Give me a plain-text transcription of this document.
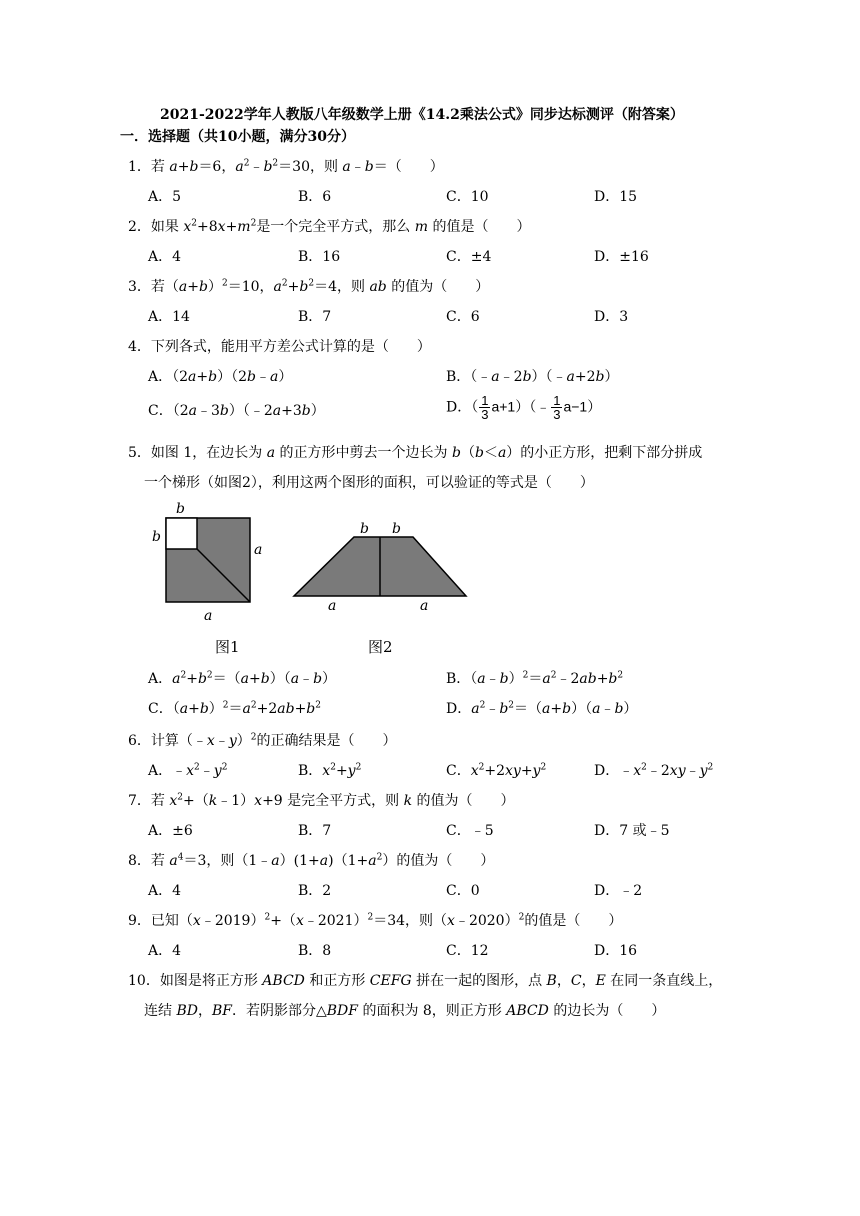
2021-2022学年人教版八年级数学上册《14.2乘法公式》同步达标测评（附答案）
一．选择题（共10小题，满分30分）
1．若 a+b＝6，$a^2﹣b^2=30$，则 a﹣b＝（　　）
A．5	B．6	C．10	D．15
2．如果 $x^2+8x+m^2$是一个完全平方式，那么 m 的值是（　　）
A．4	B．16	C．±4	D．±16
3．若$(a+b)^2=10$，$a^2+b^2=4$，则 ab 的值为（　　）
A．14	B．7	C．6	D．3
4．下列各式，能用平方差公式计算的是（　　）
A．（2a+b）（2b﹣a）	B．（﹣a﹣2b）（﹣a+2b）
C．（2a﹣3b）（﹣2a+3b）	D．（ $\frac{1}{3}$ a+1）（﹣ $\frac{1}{3} a-1$）
5．如图 1，在边长为 a 的正方形中剪去一个边长为 b（b＜a）的小正方形，把剩下部分拼成
一个梯形（如图2），利用这两个图形的面积，可以验证的等式是（　　）
b
b
a
a
图1
b b
a	a
图2
A．$a^2+b^2=(a+b)(a﹣b)$	B．$(a﹣b)^2=a^2﹣2ab+b^2$
C．$(a+b)^2=a^2+2ab+b^2$	D．$a^2﹣b^2=(a+b)(a﹣b)$
6．计算（﹣x﹣y）$^2$的正确结果是（　　）
A．$﹣x^2﹣y^2$	B．$x^2+y^2$	C．$x^2+2xy+y^2$	D．$﹣x^2﹣2xy﹣y^2$
7．若 $x^2+(k﹣1)x+9$ 是完全平方式，则 k 的值为（　　）
A．±6	B．7	C．﹣5	D．7 或﹣5
8．若 $a^4=3$，则$(1﹣a)(1+a)(1+a^2)$的值为（　　）
A．4	B．2	C．0	D．﹣2
9．已知（x﹣2019）$^2$+（x﹣2021）$^2$＝34，则（x﹣2020）$^2$的值是（　　）
A．4	B．8	C．12	D．16
10．如图是将正方形 ABCD 和正方形 CEFG 拼在一起的图形，点 B，C，E 在同一条直线上，
连结 BD，BF．若阴影部分△BDF 的面积为 8，则正方形 ABCD 的边长为（　　）
